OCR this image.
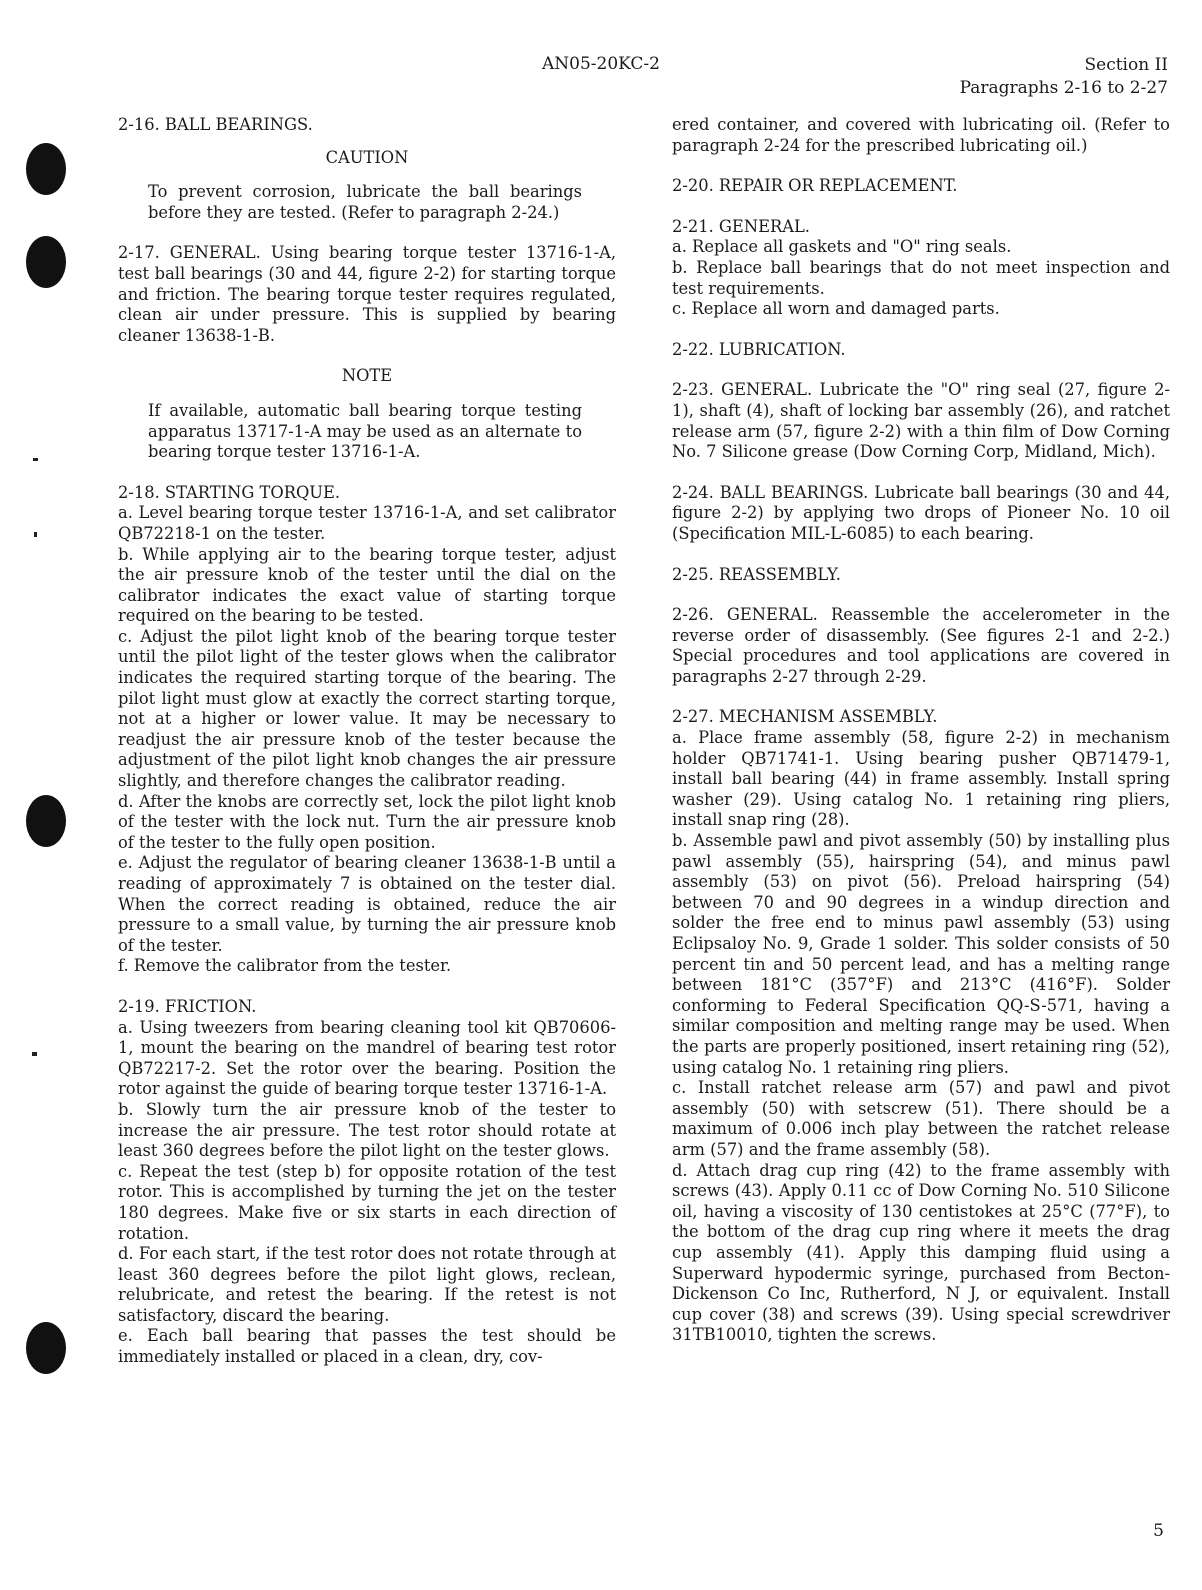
AN05-20KC-2	Section II
Paragraphs 2-16 to 2-27

2-16. BALL BEARINGS.

CAUTION

To prevent corrosion, lubricate the ball bearings before they are tested. (Refer to paragraph 2-24.)

2-17. GENERAL. Using bearing torque tester 13716-1-A, test ball bearings (30 and 44, figure 2-2) for starting torque and friction. The bearing torque tester requires regulated, clean air under pressure. This is supplied by bearing cleaner 13638-1-B.

NOTE

If available, automatic ball bearing torque testing apparatus 13717-1-A may be used as an alternate to bearing torque tester 13716-1-A.

2-18. STARTING TORQUE.

a. Level bearing torque tester 13716-1-A, and set calibrator QB72218-1 on the tester.

b. While applying air to the bearing torque tester, adjust the air pressure knob of the tester until the dial on the calibrator indicates the exact value of starting torque required on the bearing to be tested.

c. Adjust the pilot light knob of the bearing torque tester until the pilot light of the tester glows when the calibrator indicates the required starting torque of the bearing. The pilot light must glow at exactly the correct starting torque, not at a higher or lower value. It may be necessary to readjust the air pressure knob of the tester because the adjustment of the pilot light knob changes the air pressure slightly, and therefore changes the calibrator reading.

d. After the knobs are correctly set, lock the pilot light knob of the tester with the lock nut. Turn the air pressure knob of the tester to the fully open position.

e. Adjust the regulator of bearing cleaner 13638-1-B until a reading of approximately 7 is obtained on the tester dial. When the correct reading is obtained, reduce the air pressure to a small value, by turning the air pressure knob of the tester.

f. Remove the calibrator from the tester.

2-19. FRICTION.

a. Using tweezers from bearing cleaning tool kit QB70606-1, mount the bearing on the mandrel of bearing test rotor QB72217-2. Set the rotor over the bearing. Position the rotor against the guide of bearing torque tester 13716-1-A.

b. Slowly turn the air pressure knob of the tester to increase the air pressure. The test rotor should rotate at least 360 degrees before the pilot light on the tester glows.

c. Repeat the test (step b) for opposite rotation of the test rotor. This is accomplished by turning the jet on the tester 180 degrees. Make five or six starts in each direction of rotation.

d. For each start, if the test rotor does not rotate through at least 360 degrees before the pilot light glows, reclean, relubricate, and retest the bearing. If the retest is not satisfactory, discard the bearing.

e. Each ball bearing that passes the test should be immediately installed or placed in a clean, dry, cov-

ered container, and covered with lubricating oil. (Refer to paragraph 2-24 for the prescribed lubricating oil.)

2-20. REPAIR OR REPLACEMENT.

2-21. GENERAL.

a. Replace all gaskets and "O" ring seals.

b. Replace ball bearings that do not meet inspection and test requirements.

c. Replace all worn and damaged parts.

2-22. LUBRICATION.

2-23. GENERAL. Lubricate the "O" ring seal (27, figure 2-1), shaft (4), shaft of locking bar assembly (26), and ratchet release arm (57, figure 2-2) with a thin film of Dow Corning No. 7 Silicone grease (Dow Corning Corp, Midland, Mich).

2-24. BALL BEARINGS. Lubricate ball bearings (30 and 44, figure 2-2) by applying two drops of Pioneer No. 10 oil (Specification MIL-L-6085) to each bearing.

2-25. REASSEMBLY.

2-26. GENERAL. Reassemble the accelerometer in the reverse order of disassembly. (See figures 2-1 and 2-2.) Special procedures and tool applications are covered in paragraphs 2-27 through 2-29.

2-27. MECHANISM ASSEMBLY.

a. Place frame assembly (58, figure 2-2) in mechanism holder QB71741-1. Using bearing pusher QB71479-1, install ball bearing (44) in frame assembly. Install spring washer (29). Using catalog No. 1 retaining ring pliers, install snap ring (28).

b. Assemble pawl and pivot assembly (50) by installing plus pawl assembly (55), hairspring (54), and minus pawl assembly (53) on pivot (56). Preload hairspring (54) between 70 and 90 degrees in a windup direction and solder the free end to minus pawl assembly (53) using Eclipsaloy No. 9, Grade 1 solder. This solder consists of 50 percent tin and 50 percent lead, and has a melting range between 181°C (357°F) and 213°C (416°F). Solder conforming to Federal Specification QQ-S-571, having a similar composition and melting range may be used. When the parts are properly positioned, insert retaining ring (52), using catalog No. 1 retaining ring pliers.

c. Install ratchet release arm (57) and pawl and pivot assembly (50) with setscrew (51). There should be a maximum of 0.006 inch play between the ratchet release arm (57) and the frame assembly (58).

d. Attach drag cup ring (42) to the frame assembly with screws (43). Apply 0.11 cc of Dow Corning No. 510 Silicone oil, having a viscosity of 130 centistokes at 25°C (77°F), to the bottom of the drag cup ring where it meets the drag cup assembly (41). Apply this damping fluid using a Superward hypodermic syringe, purchased from Becton-Dickenson Co Inc, Rutherford, N J, or equivalent. Install cup cover (38) and screws (39). Using special screwdriver 31TB10010, tighten the screws.

5
